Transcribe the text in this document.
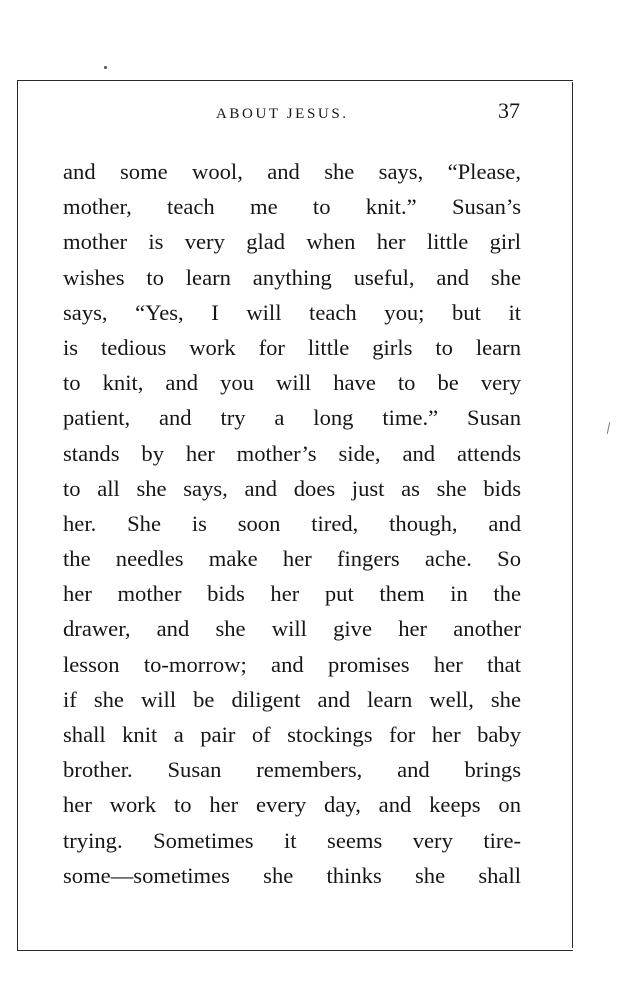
ABOUT JESUS.	37
and some wool, and she says, “Please,
mother, teach me to knit.” Susan’s
mother is very glad when her little girl
wishes to learn anything useful, and she
says, “Yes, I will teach you; but it
is tedious work for little girls to learn
to knit, and you will have to be very
patient, and try a long time.” Susan
stands by her mother’s side, and attends
to all she says, and does just as she bids
her. She is soon tired, though, and
the needles make her fingers ache. So
her mother bids her put them in the
drawer, and she will give her another
lesson to-morrow; and promises her that
if she will be diligent and learn well, she
shall knit a pair of stockings for her baby
brother. Susan remembers, and brings
her work to her every day, and keeps on
trying. Sometimes it seems very tire-
some—sometimes she thinks she shall
